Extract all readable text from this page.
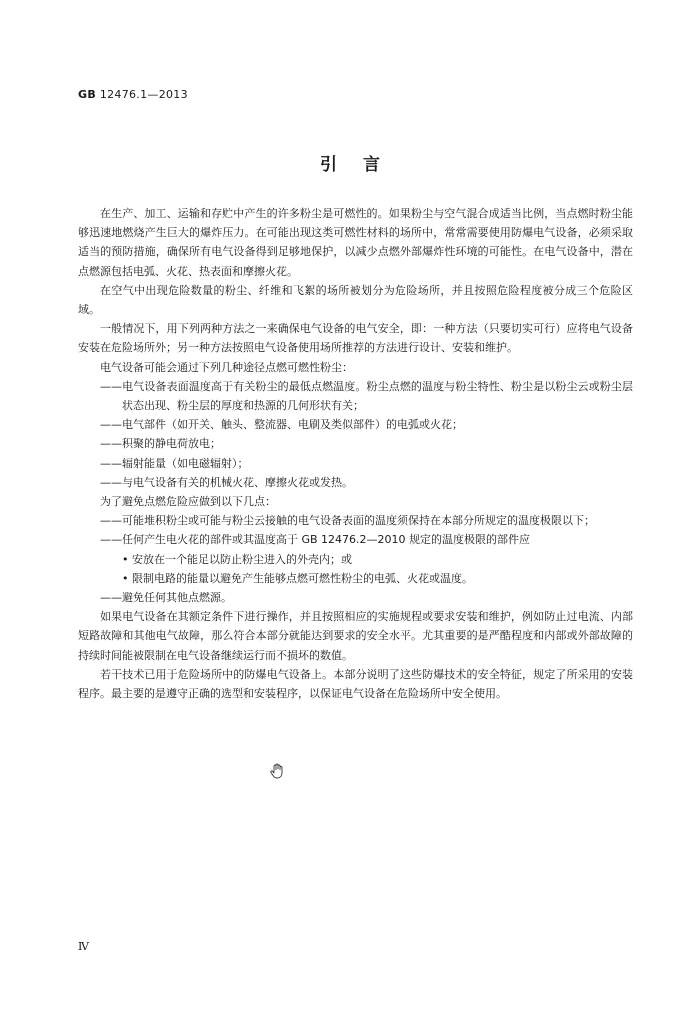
GB 12476.1—2013
引言

在生产、加工、运输和存贮中产生的许多粉尘是可燃性的。如果粉尘与空气混合成适当比例，当点燃时粉尘能够迅速地燃烧产生巨大的爆炸压力。在可能出现这类可燃性材料的场所中，常常需要使用防爆电气设备，必须采取适当的预防措施，确保所有电气设备得到足够地保护，以减少点燃外部爆炸性环境的可能性。在电气设备中，潜在点燃源包括电弧、火花、热表面和摩擦火花。

在空气中出现危险数量的粉尘、纤维和飞絮的场所被划分为危险场所，并且按照危险程度被分成三个危险区域。

一般情况下，用下列两种方法之一来确保电气设备的电气安全，即：一种方法（只要切实可行）应将电气设备安装在危险场所外；另一种方法按照电气设备使用场所推荐的方法进行设计、安装和维护。

电气设备可能会通过下列几种途径点燃可燃性粉尘：

——电气设备表面温度高于有关粉尘的最低点燃温度。粉尘点燃的温度与粉尘特性、粉尘是以粉尘云或粉尘层状态出现、粉尘层的厚度和热源的几何形状有关；

——电气部件（如开关、触头、整流器、电刷及类似部件）的电弧或火花；

——积聚的静电荷放电；

——辐射能量（如电磁辐射）；

——与电气设备有关的机械火花、摩擦火花或发热。

为了避免点燃危险应做到以下几点：

——可能堆积粉尘或可能与粉尘云接触的电气设备表面的温度须保持在本部分所规定的温度极限以下；

——任何产生电火花的部件或其温度高于 GB 12476.2—2010 规定的温度极限的部件应

• 安放在一个能足以防止粉尘进入的外壳内；或

• 限制电路的能量以避免产生能够点燃可燃性粉尘的电弧、火花或温度。

——避免任何其他点燃源。

如果电气设备在其额定条件下进行操作，并且按照相应的实施规程或要求安装和维护，例如防止过电流、内部短路故障和其他电气故障，那么符合本部分就能达到要求的安全水平。尤其重要的是严酷程度和内部或外部故障的持续时间能被限制在电气设备继续运行而不损坏的数值。

若干技术已用于危险场所中的防爆电气设备上。本部分说明了这些防爆技术的安全特征，规定了所采用的安装程序。最主要的是遵守正确的选型和安装程序，以保证电气设备在危险场所中安全使用。

Ⅳ
